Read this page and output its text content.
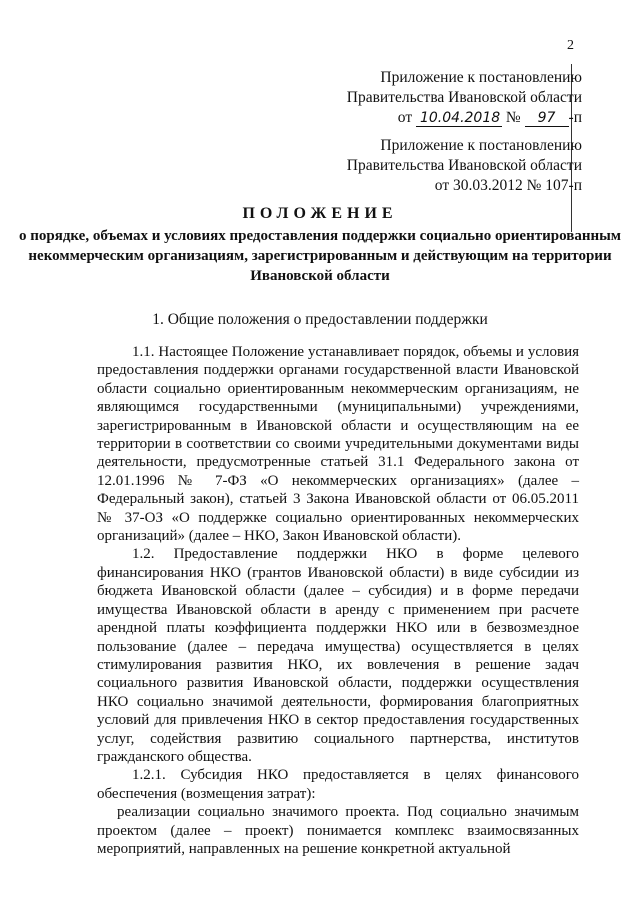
2
Приложение к постановлению
Правительства Ивановской области
от 10.04.2018 № 97 -п
Приложение к постановлению
Правительства Ивановской области
от 30.03.2012 № 107-п
ПОЛОЖЕНИЕ
о порядке, объемах и условиях предоставления поддержки социально ориентированным некоммерческим организациям, зарегистрированным и действующим на территории Ивановской области
1. Общие положения о предоставлении поддержки

1.1. Настоящее Положение устанавливает порядок, объемы и условия предоставления поддержки органами государственной власти Ивановской области социально ориентированным некоммерческим организациям, не являющимся государственными (муниципальными) учреждениями, зарегистрированным в Ивановской области и осуществляющим на ее территории в соответствии со своими учредительными документами виды деятельности, предусмотренные статьей 31.1 Федерального закона от 12.01.1996 № 7-ФЗ «О некоммерческих организациях» (далее – Федеральный закон), статьей 3 Закона Ивановской области от 06.05.2011 № 37-ОЗ «О поддержке социально ориентированных некоммерческих организаций» (далее – НКО, Закон Ивановской области).

1.2. Предоставление поддержки НКО в форме целевого финансирования НКО (грантов Ивановской области) в виде субсидии из бюджета Ивановской области (далее – субсидия) и в форме передачи имущества Ивановской области в аренду с применением при расчете арендной платы коэффициента поддержки НКО или в безвозмездное пользование (далее – передача имущества) осуществляется в целях стимулирования развития НКО, их вовлечения в решение задач социального развития Ивановской области, поддержки осуществления НКО социально значимой деятельности, формирования благоприятных условий для привлечения НКО в сектор предоставления государственных услуг, содействия развитию социального партнерства, институтов гражданского общества.

1.2.1. Субсидия НКО предоставляется в целях финансового обеспечения (возмещения затрат):

реализации социально значимого проекта. Под социально значимым проектом (далее – проект) понимается комплекс взаимосвязанных мероприятий, направленных на решение конкретной актуальной
